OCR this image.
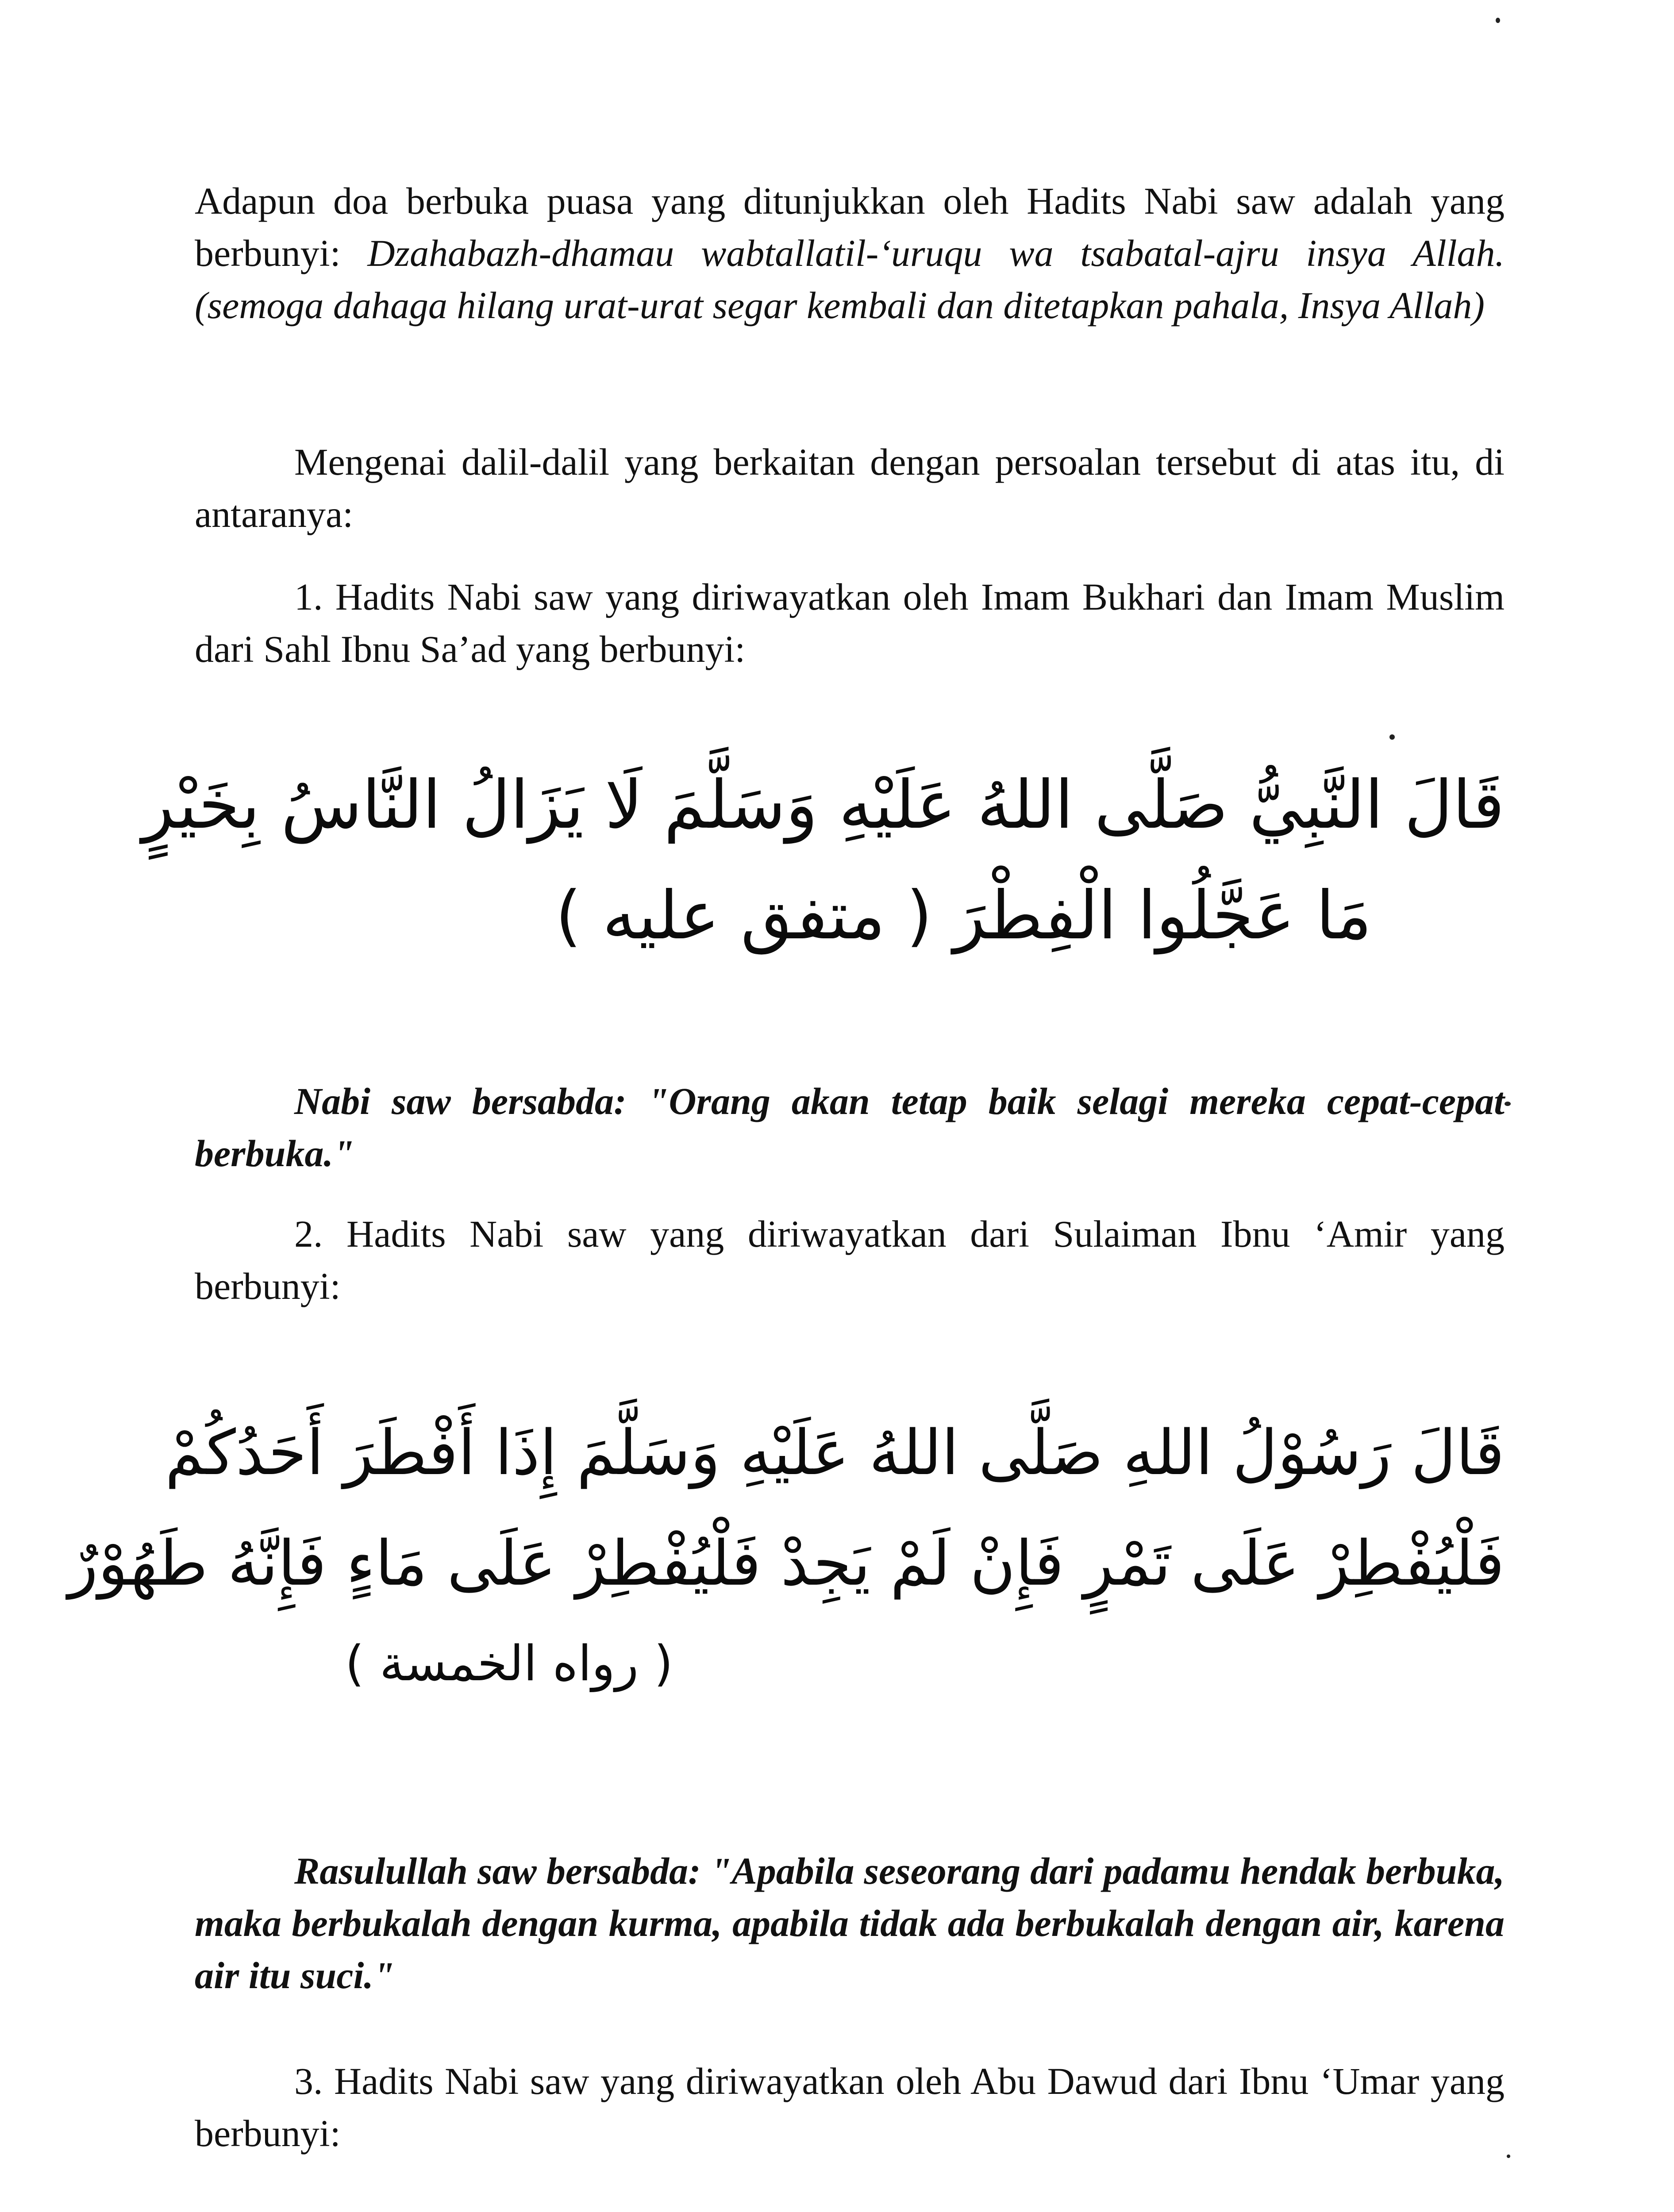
Adapun doa berbuka puasa yang ditunjukkan oleh Hadits Nabi saw adalah yang berbunyi: Dzahabazh-dhamau wabtallatil-‘uruqu wa tsabatal-ajru insya Allah. (semoga dahaga hilang urat-urat segar kembali dan ditetapkan pahala, Insya Allah)

Mengenai dalil-dalil yang berkaitan dengan persoalan tersebut di atas itu, di antaranya:

1. Hadits Nabi saw yang diriwayatkan oleh Imam Bukhari dan Imam Muslim dari Sahl Ibnu Sa’ad yang berbunyi:

قَالَ النَّبِيُّ صَلَّى اللهُ عَلَيْهِ وَسَلَّمَ لَا يَزَالُ النَّاسُ بِخَيْرٍ
مَا عَجَّلُوا الْفِطْرَ ( متفق عليه )

Nabi saw bersabda: "Orang akan tetap baik selagi mereka cepat-cepat berbuka."

2. Hadits Nabi saw yang diriwayatkan dari Sulaiman Ibnu ‘Amir yang berbunyi:

قَالَ رَسُوْلُ اللهِ صَلَّى اللهُ عَلَيْهِ وَسَلَّمَ إِذَا أَفْطَرَ أَحَدُكُمْ
فَلْيُفْطِرْ عَلَى تَمْرٍ فَإِنْ لَمْ يَجِدْ فَلْيُفْطِرْ عَلَى مَاءٍ فَإِنَّهُ طَهُوْرٌ
( رواه الخمسة )

Rasulullah saw bersabda: "Apabila seseorang dari padamu hendak berbuka, maka berbukalah dengan kurma, apabila tidak ada berbukalah dengan air, karena air itu suci."

3. Hadits Nabi saw yang diriwayatkan oleh Abu Dawud dari Ibnu ‘Umar yang berbunyi:
